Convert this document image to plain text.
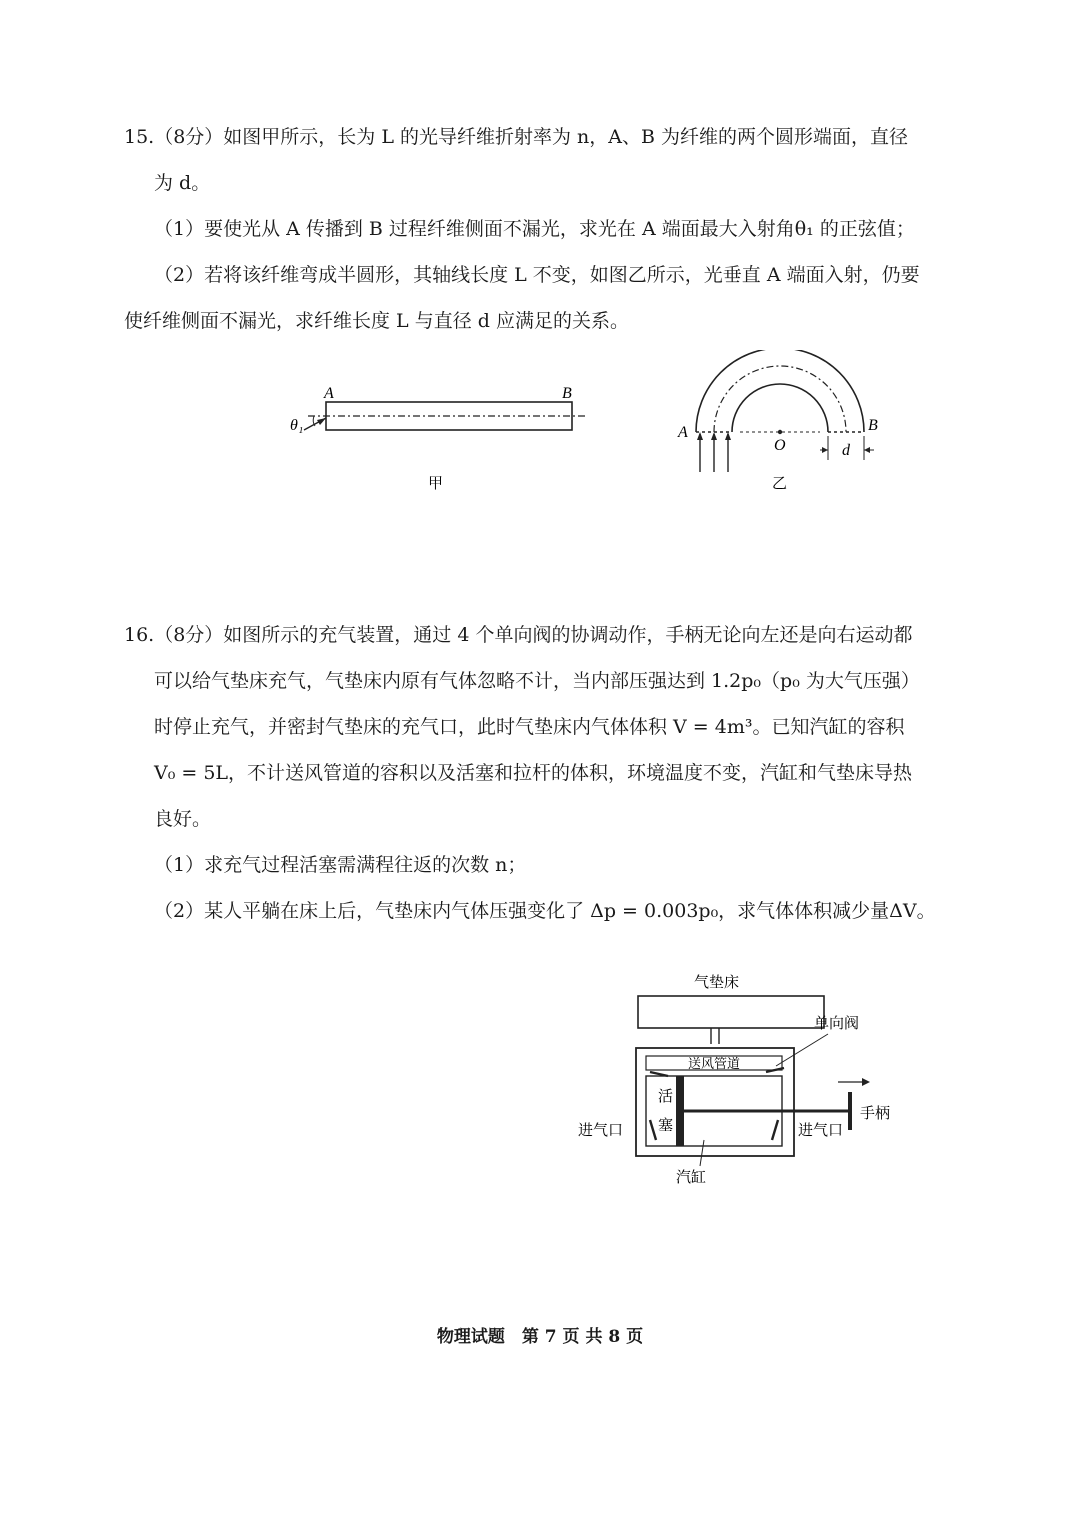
15.（8分）如图甲所示，长为 L 的光导纤维折射率为 n，A、B 为纤维的两个圆形端面，直径
为 d。
（1）要使光从 A 传播到 B 过程纤维侧面不漏光，求光在 A 端面最大入射角θ₁ 的正弦值；
（2）若将该纤维弯成半圆形，其轴线长度 L 不变，如图乙所示，光垂直 A 端面入射，仍要
使纤维侧面不漏光，求纤维长度 L 与直径 d 应满足的关系。
A	B
θ₁
甲
A	B
O	d
乙
16.（8分）如图所示的充气装置，通过 4 个单向阀的协调动作，手柄无论向左还是向右运动都
可以给气垫床充气，气垫床内原有气体忽略不计，当内部压强达到 1.2p₀（p₀ 为大气压强）
时停止充气，并密封气垫床的充气口，此时气垫床内气体体积 V = 4m³。已知汽缸的容积
V₀ = 5L，不计送风管道的容积以及活塞和拉杆的体积，环境温度不变，汽缸和气垫床导热
良好。
（1）求充气过程活塞需满程往返的次数 n；
（2）某人平躺在床上后，气垫床内气体压强变化了 Δp = 0.003p₀，求气体体积减少量ΔV。
气垫床
送风管道
活
塞
进气口	进气口
手柄
单向阀
汽缸
物理试题　第 7 页 共 8 页
